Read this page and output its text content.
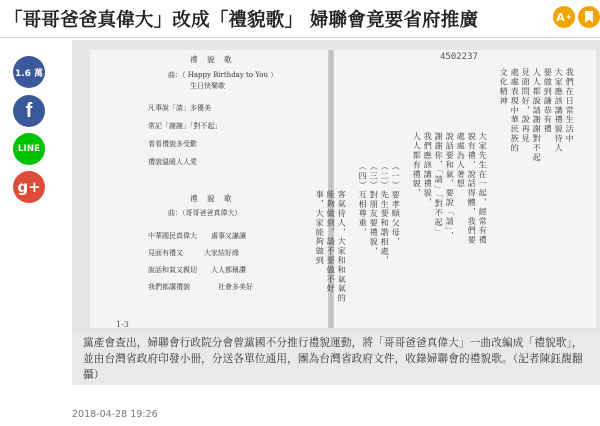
「哥哥爸爸真偉大」改成「禮貌歌」 婦聯會竟要省府推廣	A +
1.6 萬
f
LINE
g+
4502237
禮　貌　歌
曲：（ Happy Birthday to You ）
生日快樂歌
凡事說「請」多優美
常記「謝謝」「對不起」
看看禮貌多受歡
禮貌溫暖人人愛
禮　貌　歌
曲：（哥哥爸爸真偉大）
中華國民真偉大　　處事又謙讓
見面有禮又　　　大家結好緣
說話和氣又親切　　人人都稱讚
我們都講禮貌　　　　社會多美好
1-3
我們在日常生活中
大家應該講禮貌待人
要做到謙恭有禮
人人都說請謝謝對不起
見面問好，說再見
處處表現中華民族的
文化精神
大家先生在一起，經常有禮
貌有禮，說話得體，我們要
處處為人著想
說話要和氣，要說「請」，
謝謝你，「請」「對不起」
我們應該講禮貌，
人人都有禮貌，
（一）要孝順父母，
（二）先生要和諧相處，
（三）對朋友要禮貌，
（四）互相尊重，
客氣待人，大家和和氣氣的
能夠做到，請不要做不好
事，大家能夠做到
黨產會查出，婦聯會行政院分會曾黨國不分推行禮貌運動，將「哥哥爸爸真偉大」一曲改編成「禮貌歌」，並由台灣省政府印發小冊，分送各單位通用，團為台灣省政府文件，收錄婦聯會的禮貌歌。（記者陳鈺馥翻攝）
2018-04-28 19:26
